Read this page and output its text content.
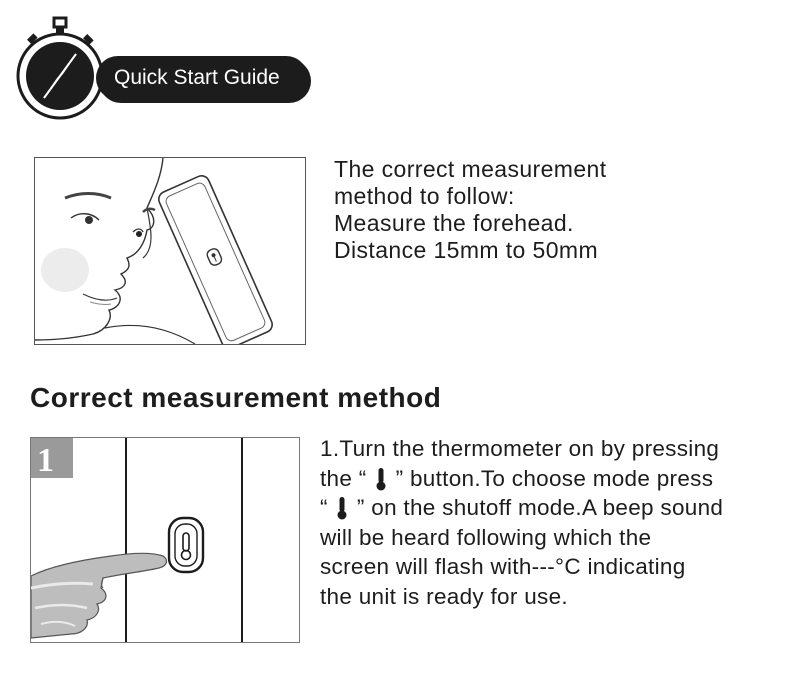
Quick Start Guide
The correct measurement
method to follow:
Measure the forehead.
Distance 15mm to 50mm
Correct measurement method
1	1.Turn the thermometer on by pressing
the “  ” button.To choose mode press
“  ” on the shutoff mode.A beep sound
will be heard following which the
screen will flash with---°C indicating
the unit is ready for use.
